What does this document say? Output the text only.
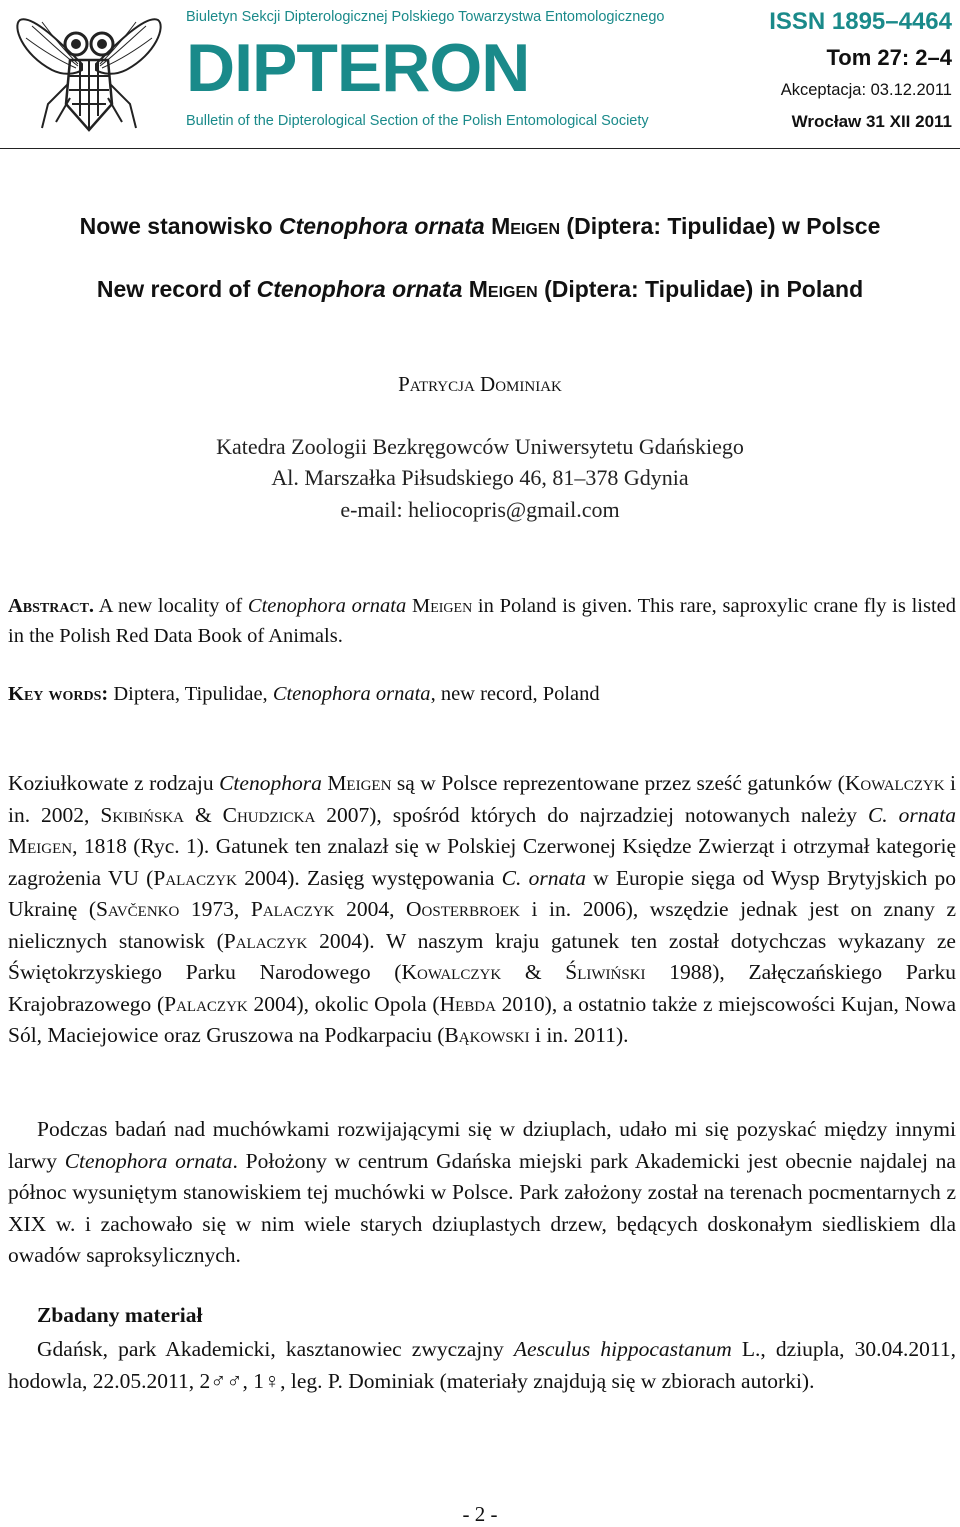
Biuletyn Sekcji Dipterologicznej Polskiego Towarzystwa Entomologicznego
DIPTERON
Bulletin of the Dipterological Section of the Polish Entomological Society
ISSN 1895–4464
Tom 27: 2–4
Akceptacja: 03.12.2011
Wrocław 31 XII 2011
Nowe stanowisko Ctenophora ornata Meigen (Diptera: Tipulidae) w Polsce
New record of Ctenophora ornata Meigen (Diptera: Tipulidae) in Poland
Patrycja Dominiak
Katedra Zoologii Bezkręgowców Uniwersytetu Gdańskiego
Al. Marszałka Piłsudskiego 46, 81–378 Gdynia
e-mail: heliocopris@gmail.com
Abstract. A new locality of Ctenophora ornata Meigen in Poland is given. This rare, saproxylic crane fly is listed in the Polish Red Data Book of Animals.
Key words: Diptera, Tipulidae, Ctenophora ornata, new record, Poland
Koziułkowate z rodzaju Ctenophora Meigen są w Polsce reprezentowane przez sześć gatunków (Kowalczyk i in. 2002, Skibińska & Chudzicka 2007), spośród których do najrzadziej notowanych należy C. ornata Meigen, 1818 (Ryc. 1). Gatunek ten znalazł się w Polskiej Czerwonej Księdze Zwierząt i otrzymał kategorię zagrożenia VU (Palaczyk 2004). Zasięg występowania C. ornata w Europie sięga od Wysp Brytyjskich po Ukrainę (Savčenko 1973, Palaczyk 2004, Oosterbroek i in. 2006), wszędzie jednak jest on znany z nielicznych stanowisk (Palaczyk 2004). W naszym kraju gatunek ten został dotychczas wykazany ze Świętokrzyskiego Parku Narodowego (Kowalczyk & Śliwiński 1988), Załęczańskiego Parku Krajobrazowego (Palaczyk 2004), okolic Opola (Hebda 2010), a ostatnio także z miejscowości Kujan, Nowa Sól, Maciejowice oraz Gruszowa na Podkarpaciu (Bąkowski i in. 2011).
Podczas badań nad muchówkami rozwijającymi się w dziuplach, udało mi się pozyskać między innymi larwy Ctenophora ornata. Położony w centrum Gdańska miejski park Akademicki jest obecnie najdalej na północ wysuniętym stanowiskiem tej muchówki w Polsce. Park założony został na terenach pocmentarnych z XIX w. i zachowało się w nim wiele starych dziuplastych drzew, będących doskonałym siedliskiem dla owadów saproksylicznych.
Zbadany materiał
Gdańsk, park Akademicki, kasztanowiec zwyczajny Aesculus hippocastanum L., dziupla, 30.04.2011, hodowla, 22.05.2011, 2♂♂, 1♀, leg. P. Dominiak (materiały znajdują się w zbiorach autorki).
- 2 -
